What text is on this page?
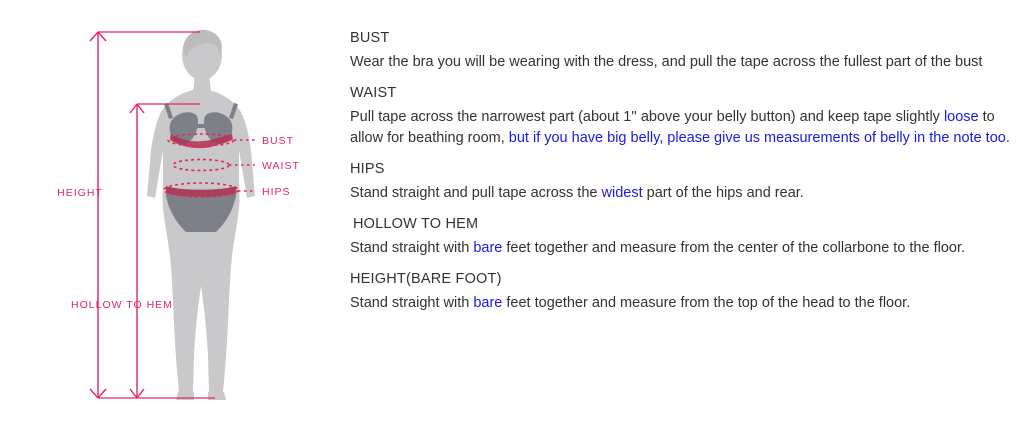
BUST
WAIST
HIPS
HEIGHT
HOLLOW TO HEM

BUST

Wear the bra you will be wearing with the dress, and pull the tape across the fullest part of the bust

WAIST

Pull tape across the narrowest part (about 1'' above your belly button) and keep tape slightly loose to allow for beathing room, but if you have big belly, please give us measurements of belly in the note too.

HIPS

Stand straight and pull tape across the widest part of the hips and rear.

HOLLOW TO HEM

Stand straight with bare feet together and measure from the center of the collarbone to the floor.

HEIGHT(BARE FOOT)

Stand straight with bare feet together and measure from the top of the head to the floor.
